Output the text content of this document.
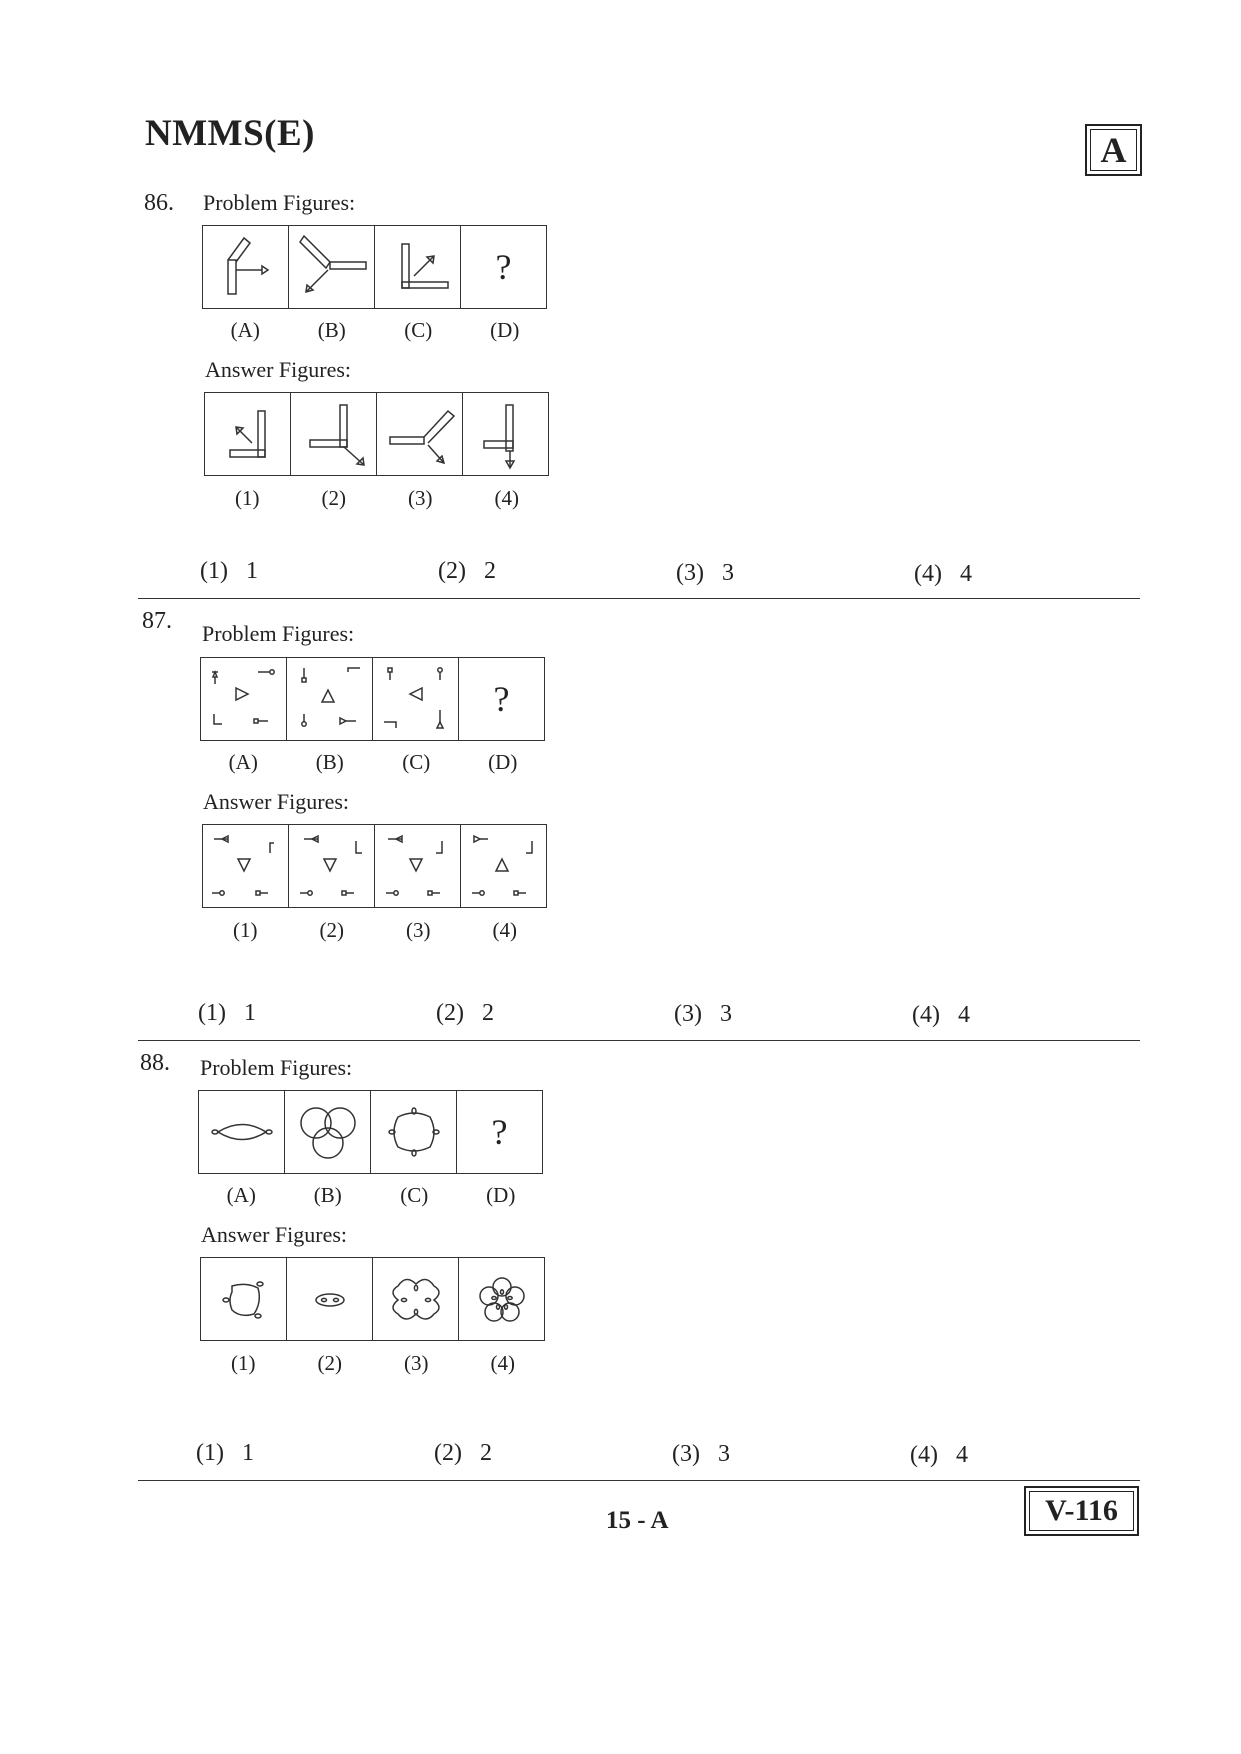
NMMS(E)	A
86. Problem Figures:
?
(A)	(B)	(C)	(D)
Answer Figures:
(1)	(2)	(3)	(4)
(1) 1	(2) 2	(3) 3	(4) 4
87. Problem Figures:
?
(A)	(B)	(C)	(D)
Answer Figures:
(1)	(2)	(3)	(4)
(1) 1	(2) 2	(3) 3	(4) 4
88. Problem Figures:
?
(A)	(B)	(C)	(D)
Answer Figures:
(1)	(2)	(3)	(4)
(1) 1	(2) 2	(3) 3	(4) 4
15 - A	V-116
